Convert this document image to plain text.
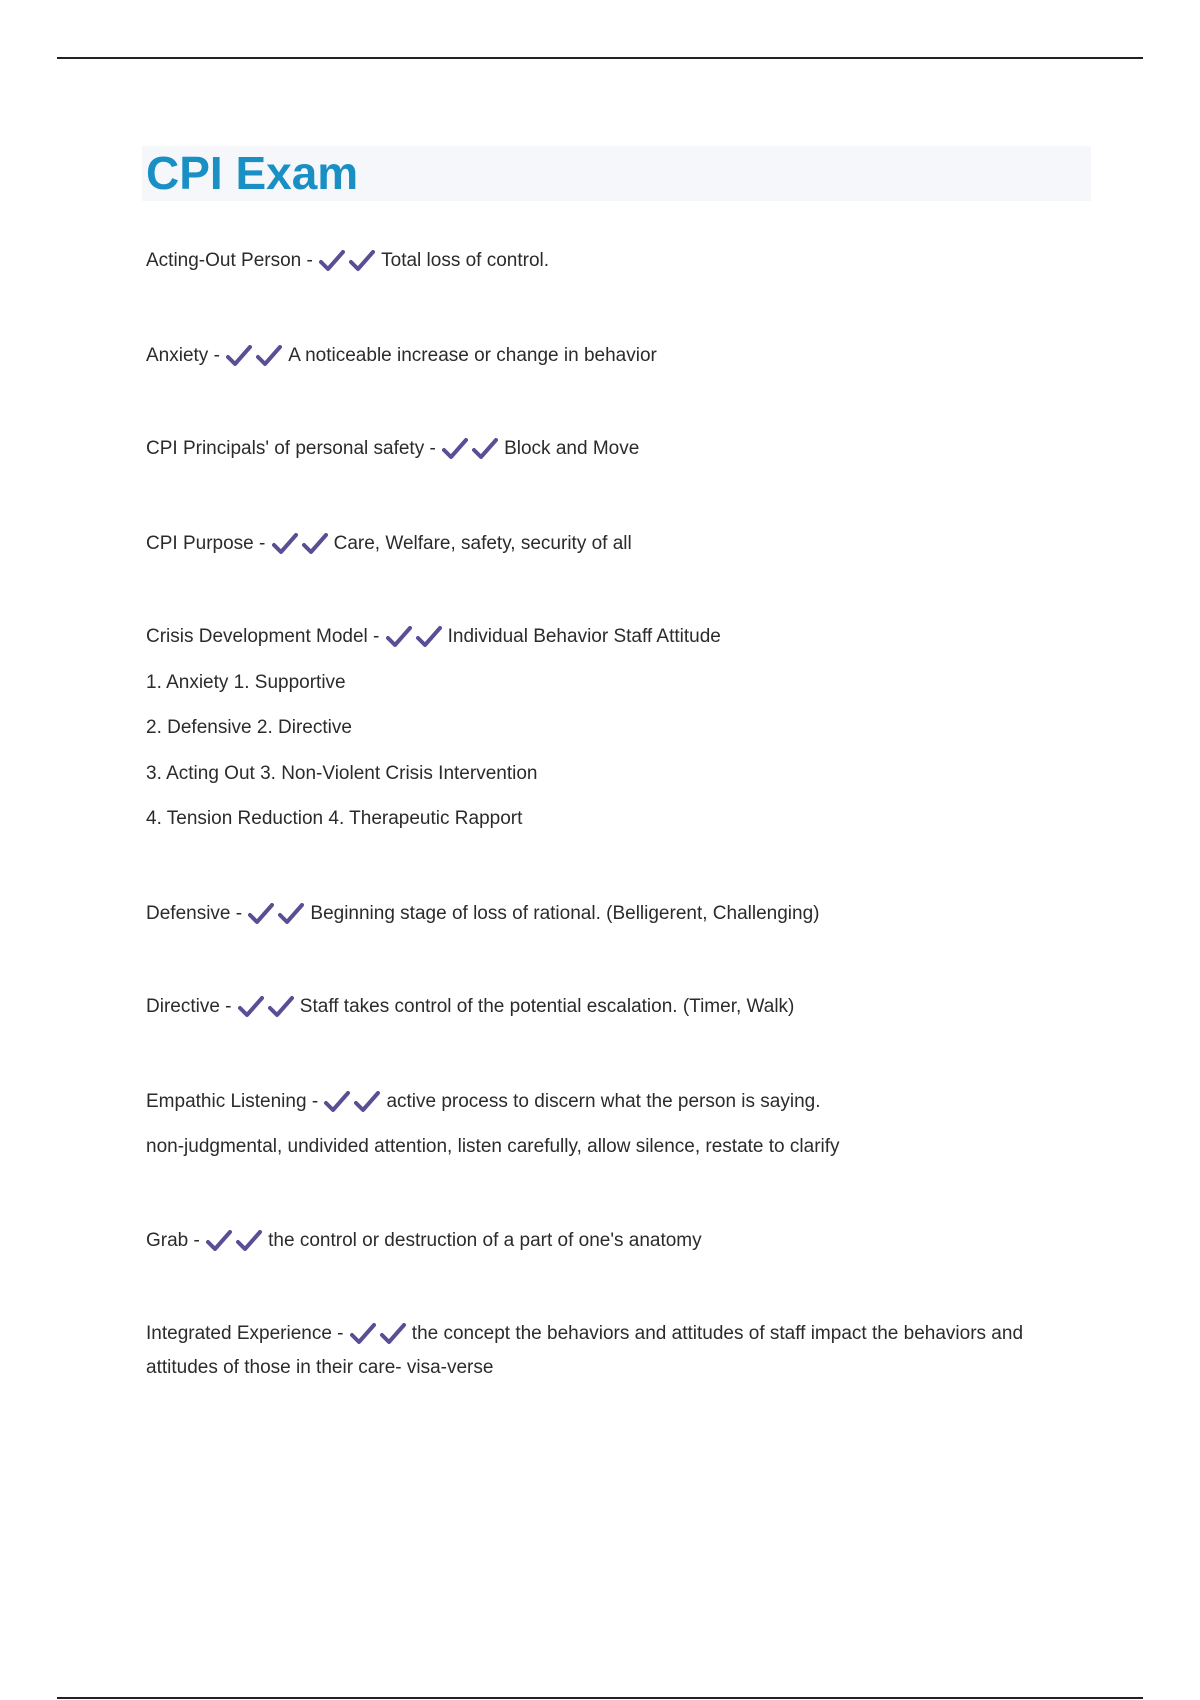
CPI Exam
Acting-Out Person -	Total loss of control.
Anxiety -	A noticeable increase or change in behavior
CPI Principals' of personal safety -	Block and Move
CPI Purpose -	Care, Welfare, safety, security of all
Crisis Development Model -	Individual Behavior Staff Attitude
1. Anxiety 1. Supportive
2. Defensive 2. Directive
3. Acting Out 3. Non-Violent Crisis Intervention
4. Tension Reduction 4. Therapeutic Rapport
Defensive -	Beginning stage of loss of rational. (Belligerent, Challenging)
Directive -	Staff takes control of the potential escalation. (Timer, Walk)
Empathic Listening -	active process to discern what the person is saying.
non-judgmental, undivided attention, listen carefully, allow silence, restate to clarify
Grab -	the control or destruction of a part of one's anatomy
Integrated Experience -	the concept the behaviors and attitudes of staff impact the behaviors and attitudes of those in their care- visa-verse
